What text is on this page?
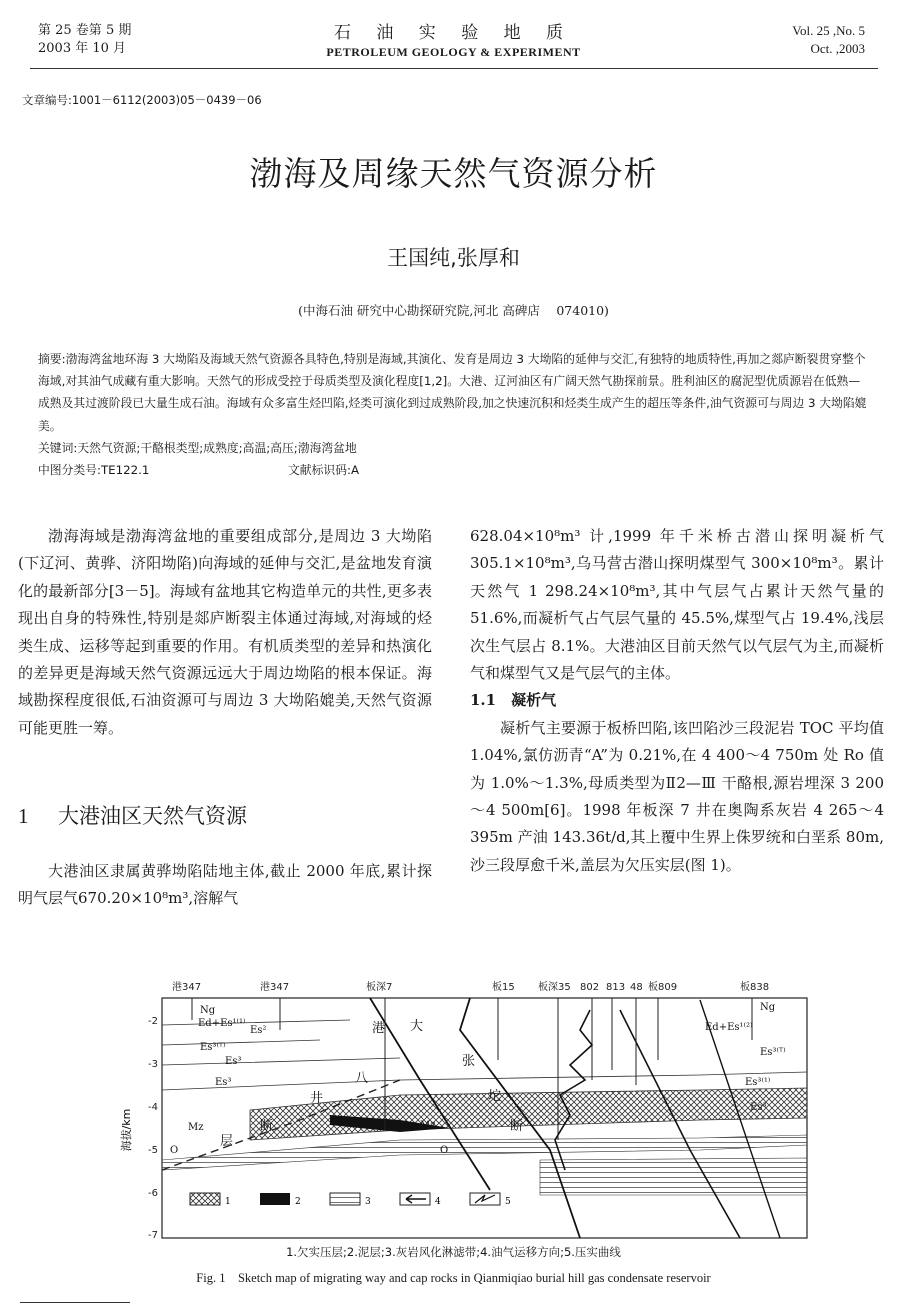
第 25 卷第 5 期
2003 年 10 月
石 油 实 验 地 质
PETROLEUM GEOLOGY & EXPERIMENT
Vol. 25 ,No. 5
Oct. ,2003
文章编号:1001－6112(2003)05－0439－06
渤海及周缘天然气资源分析
王国纯,张厚和
(中海石油 研究中心勘探研究院,河北 高碑店 　074010)

摘要:渤海湾盆地环海 3 大坳陷及海域天然气资源各具特色,特别是海域,其演化、发育是周边 3 大坳陷的延伸与交汇,有独特的地质特性,再加之郯庐断裂贯穿整个海域,对其油气成藏有重大影响。天然气的形成受控于母质类型及演化程度[1,2]。大港、辽河油区有广阔天然气勘探前景。胜利油区的腐泥型优质源岩在低熟—成熟及其过渡阶段已大量生成石油。海域有众多富生烃凹陷,烃类可演化到过成熟阶段,加之快速沉积和烃类生成产生的超压等条件,油气资源可与周边 3 大坳陷媲美。

关键词:天然气资源;干酪根类型;成熟度;高温;高压;渤海湾盆地

中图分类号:TE122.1	文献标识码:A

渤海海域是渤海湾盆地的重要组成部分,是周边 3 大坳陷(下辽河、黄骅、济阳坳陷)向海域的延伸与交汇,是盆地发育演化的最新部分[3－5]。海域有盆地其它构造单元的共性,更多表现出自身的特殊性,特别是郯庐断裂主体通过海域,对海域的烃类生成、运移等起到重要的作用。有机质类型的差异和热演化的差异更是海域天然气资源远远大于周边坳陷的根本保证。海域勘探程度很低,石油资源可与周边 3 大坳陷媲美,天然气资源可能更胜一筹。

1 大港油区天然气资源

大港油区隶属黄骅坳陷陆地主体,截止 2000 年底,累计探明气层气670.20×10⁸m³,溶解气

628.04×10⁸m³ 计,1999 年千米桥古潜山探明凝析气 305.1×10⁸m³,乌马营古潜山探明煤型气 300×10⁸m³。累计天然气 1 298.24×10⁸m³,其中气层气占累计天然气量的 51.6%,而凝析气占气层气量的 45.5%,煤型气占 19.4%,浅层次生气层占 8.1%。大港油区目前天然气以气层气为主,而凝析气和煤型气又是气层气的主体。

1.1　凝析气

凝析气主要源于板桥凹陷,该凹陷沙三段泥岩 TOC 平均值 1.04%,氯仿沥青“A”为 0.21%,在 4 400～4 750m 处 Ro 值为 1.0%～1.3%,母质类型为Ⅱ2—Ⅲ 干酪根,源岩埋深 3 200～4 500m[6]。1998 年板深 7 井在奥陶系灰岩 4 265～4 395m 产油 143.36t/d,其上覆中生界上侏罗统和白垩系 80m,沙三段厚愈千米,盖层为欠压实层(图 1)。

港347	港347	板深7	板15 板深35 802 813 48 板809	板838
海拔/km
-2
-3
-4
-5
-6
-7
Ng
Ed+Es¹⁽¹⁾
Es²
Es³⁽ᵀ⁾
Es³
Es³
Mz
O
Mz
O
Ng
Ed+Es¹⁽²⁾
Es³⁽ᵀ⁾
Es³⁽¹⁾
Es³
港 大
八
井
断
层
张
坨
断
1	2	3	4	5
1.欠实压层;2.泥层;3.灰岩风化淋滤带;4.油气运移方向;5.压实曲线
Fig. 1　Sketch map of migrating way and cap rocks in Qianmiqiao burial hill gas condensate reservoir
